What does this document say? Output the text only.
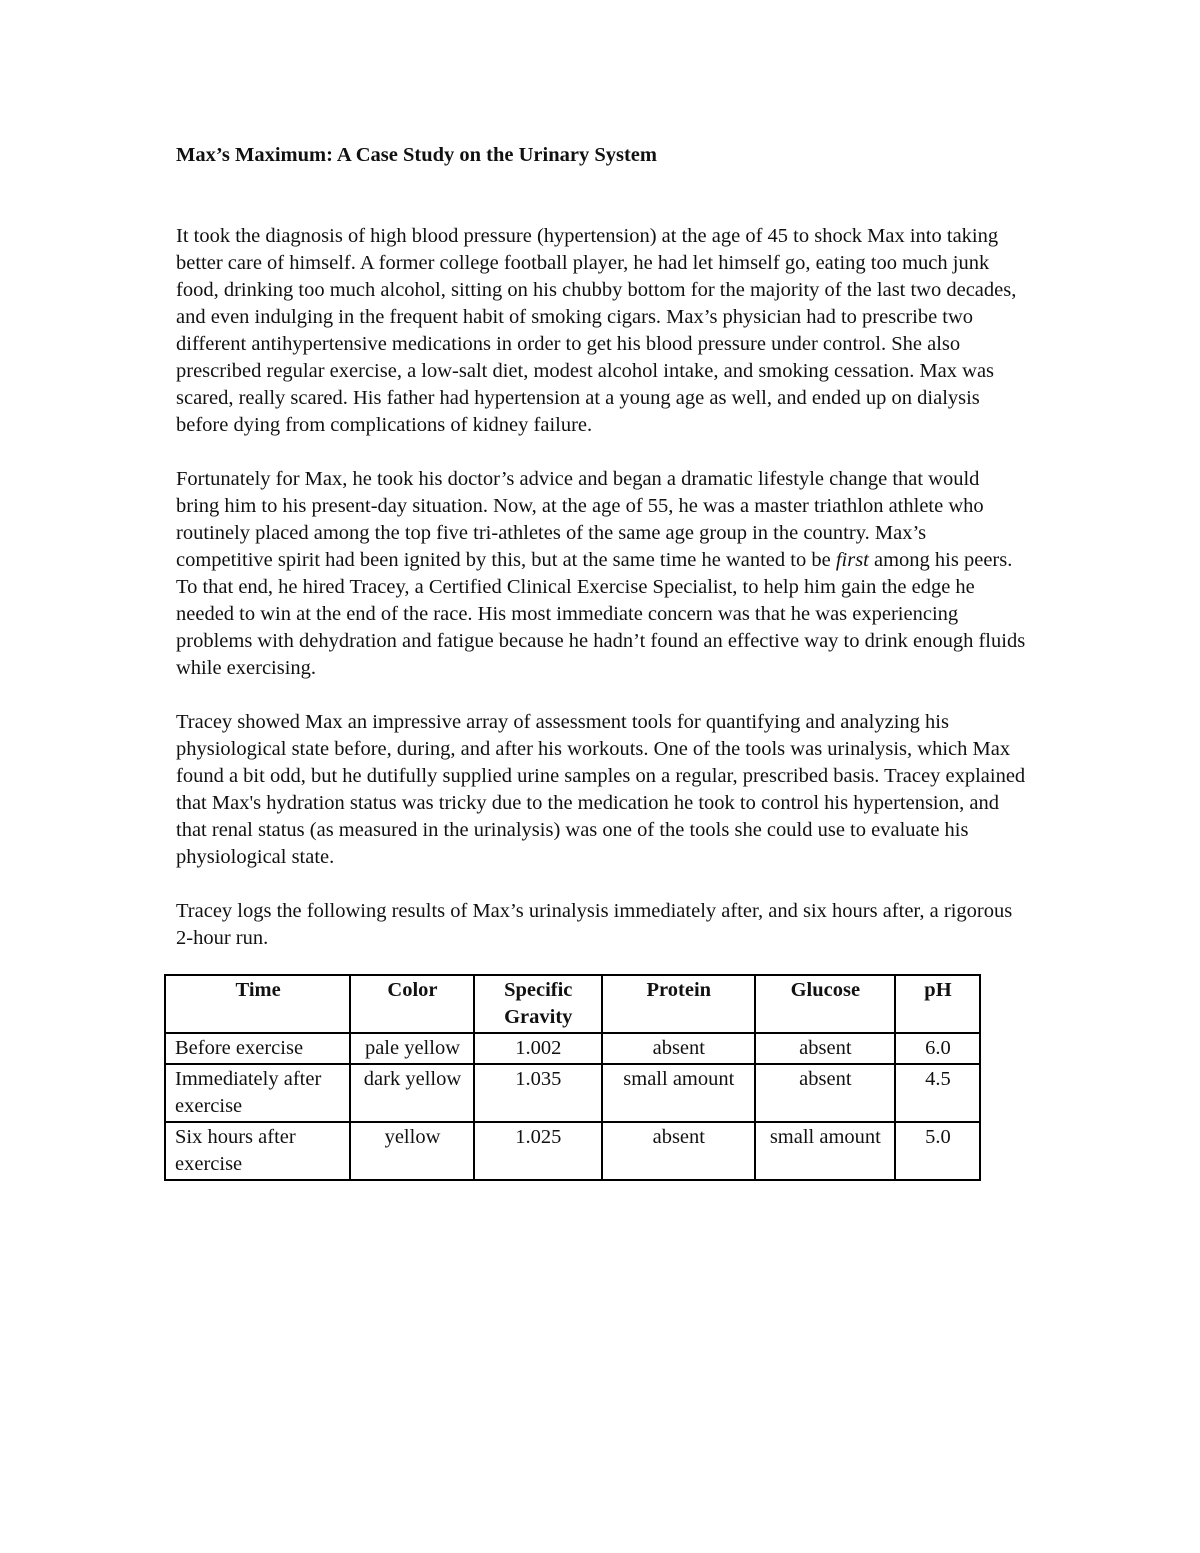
Max’s Maximum: A Case Study on the Urinary System

It took the diagnosis of high blood pressure (hypertension) at the age of 45 to shock Max into taking better care of himself. A former college football player, he had let himself go, eating too much junk food, drinking too much alcohol, sitting on his chubby bottom for the majority of the last two decades, and even indulging in the frequent habit of smoking cigars. Max’s physician had to prescribe two different antihypertensive medications in order to get his blood pressure under control. She also prescribed regular exercise, a low-salt diet, modest alcohol intake, and smoking cessation. Max was scared, really scared. His father had hypertension at a young age as well, and ended up on dialysis before dying from complications of kidney failure.

Fortunately for Max, he took his doctor’s advice and began a dramatic lifestyle change that would bring him to his present-day situation. Now, at the age of 55, he was a master triathlon athlete who routinely placed among the top five tri-athletes of the same age group in the country. Max’s competitive spirit had been ignited by this, but at the same time he wanted to be first among his peers. To that end, he hired Tracey, a Certified Clinical Exercise Specialist, to help him gain the edge he needed to win at the end of the race. His most immediate concern was that he was experiencing problems with dehydration and fatigue because he hadn’t found an effective way to drink enough fluids while exercising.

Tracey showed Max an impressive array of assessment tools for quantifying and analyzing his physiological state before, during, and after his workouts. One of the tools was urinalysis, which Max found a bit odd, but he dutifully supplied urine samples on a regular, prescribed basis. Tracey explained that Max's hydration status was tricky due to the medication he took to control his hypertension, and that renal status (as measured in the urinalysis) was one of the tools she could use to evaluate his physiological state.

Tracey logs the following results of Max’s urinalysis immediately after, and six hours after, a rigorous 2-hour run.

Time	Color	Specific Gravity	Protein	Glucose	pH
Before exercise	pale yellow	1.002	absent	absent	6.0
Immediately after exercise	dark yellow	1.035	small amount	absent	4.5
Six hours after exercise	yellow	1.025	absent	small amount	5.0
